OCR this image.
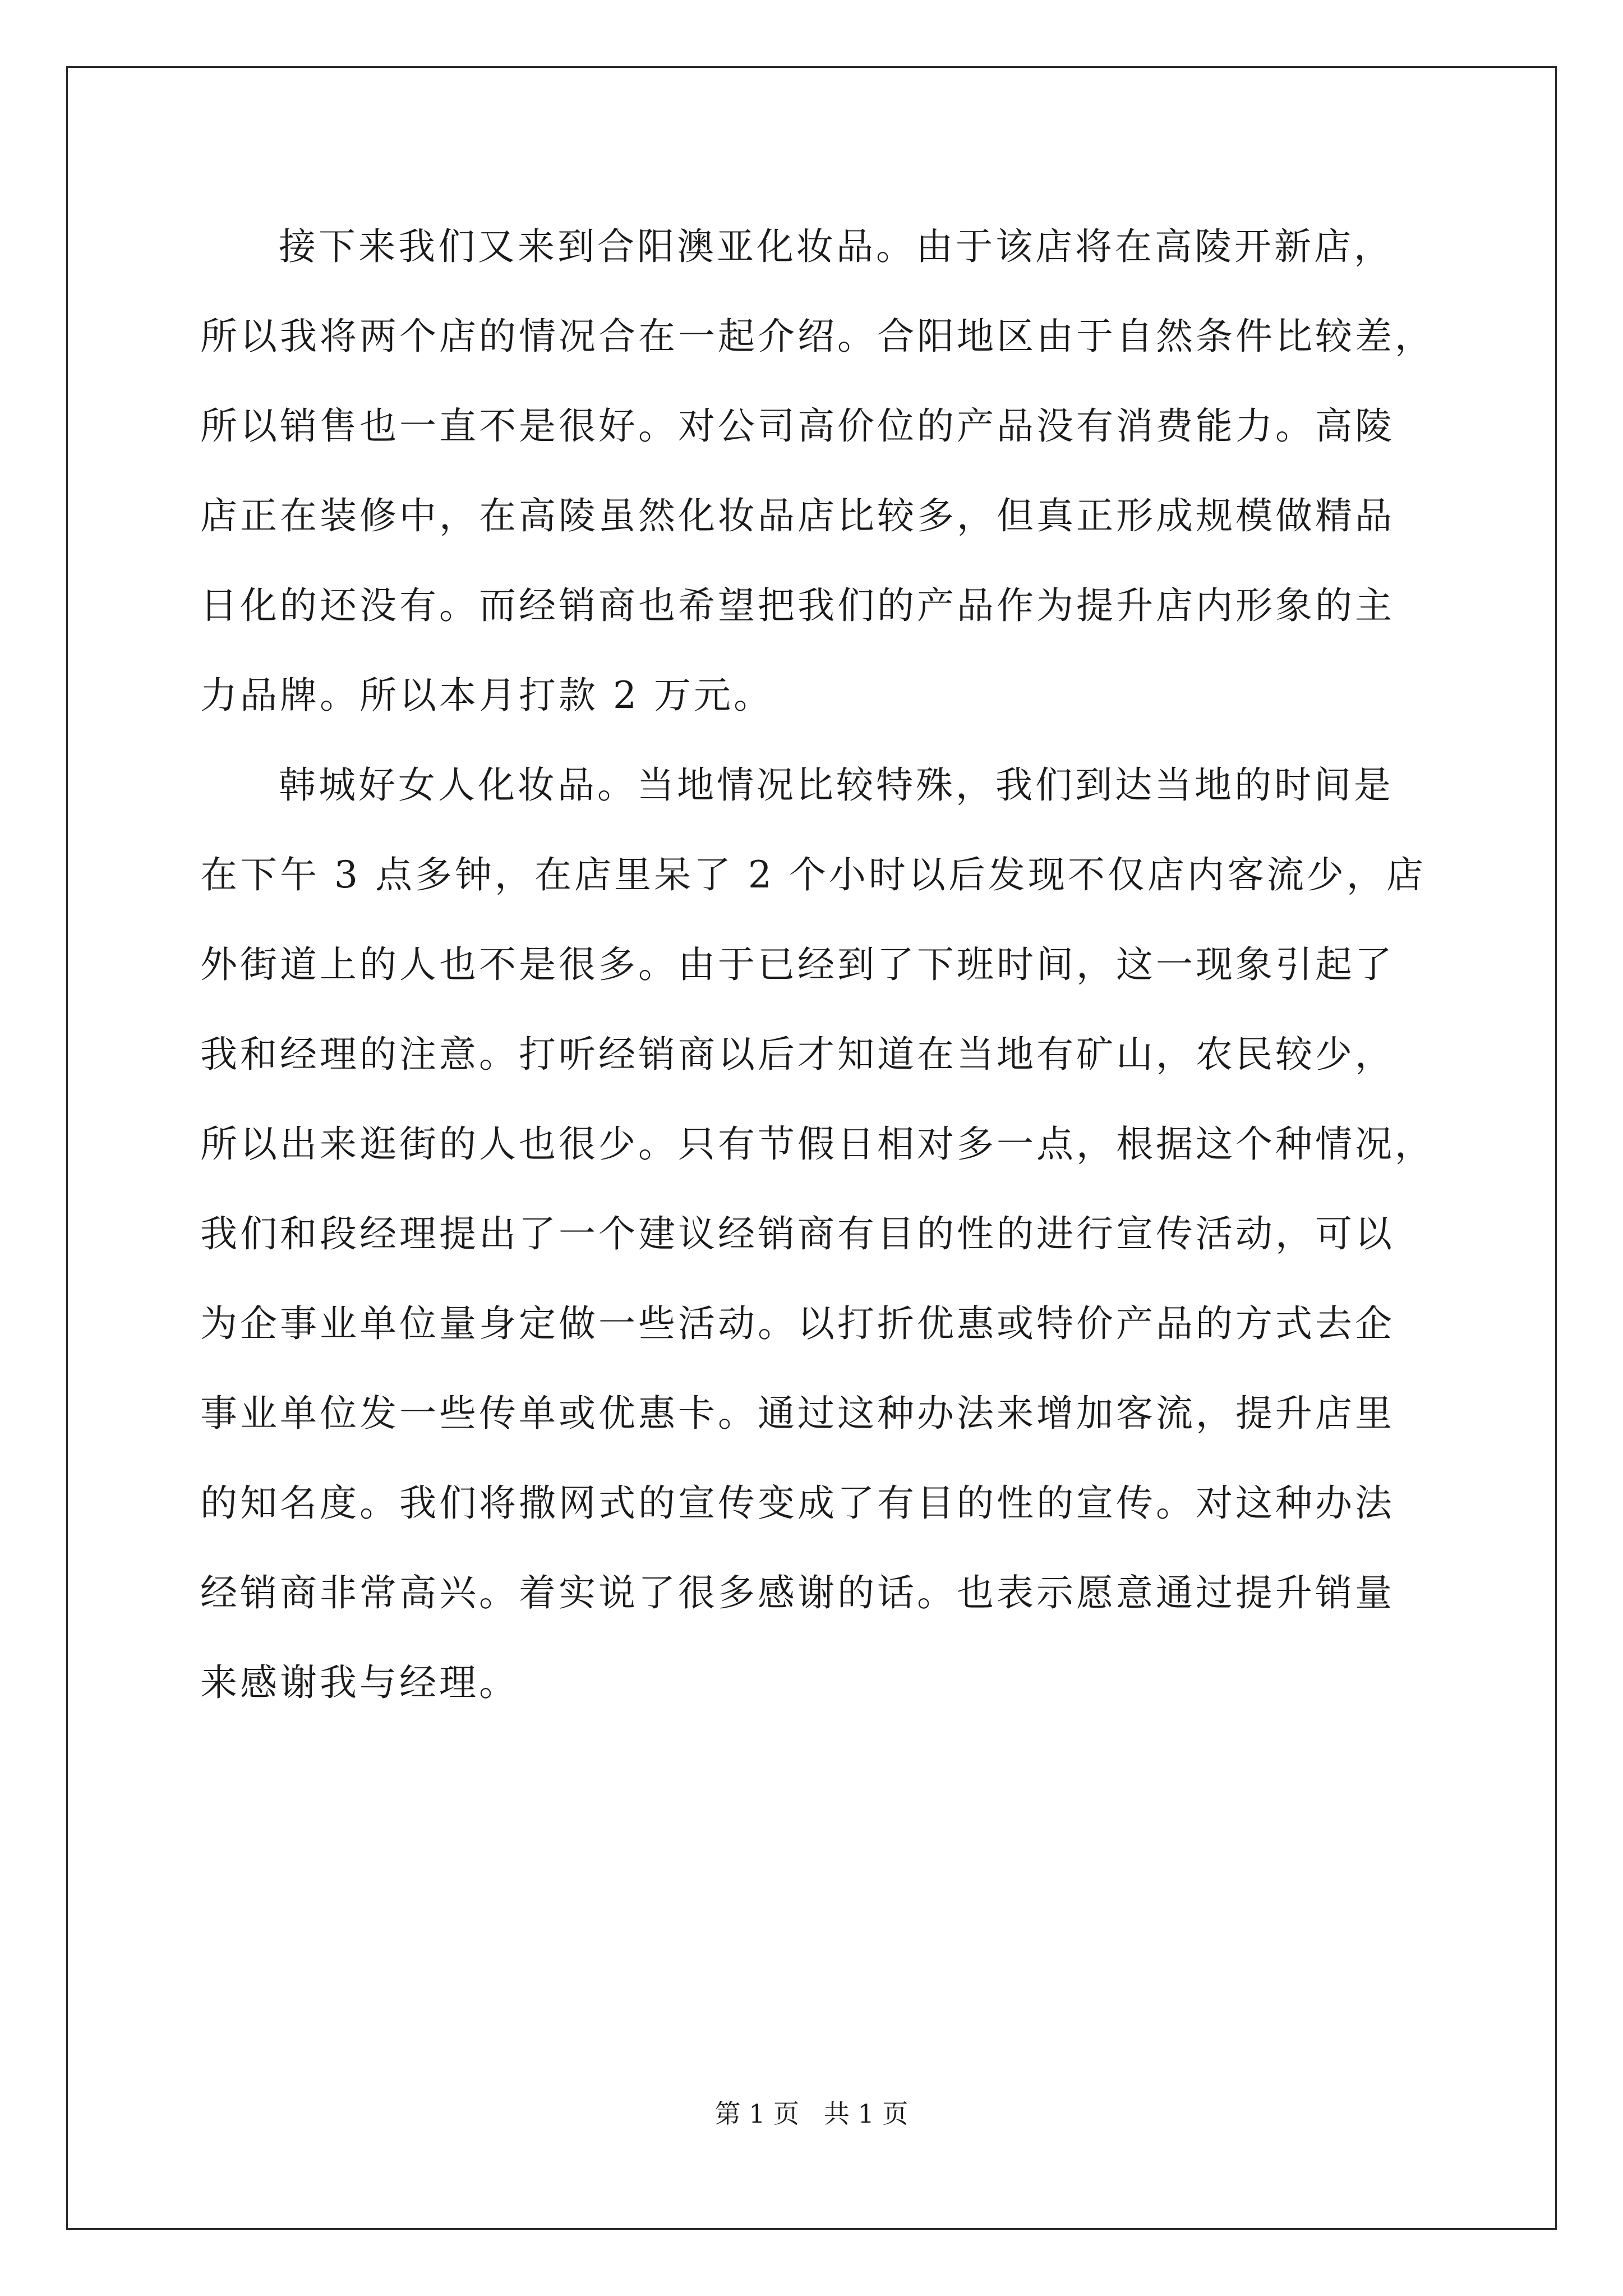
接下来我们又来到合阳澳亚化妆品。由于该店将在高陵开新店，
所以我将两个店的情况合在一起介绍。合阳地区由于自然条件比较差，
所以销售也一直不是很好。对公司高价位的产品没有消费能力。高陵
店正在装修中，在高陵虽然化妆品店比较多，但真正形成规模做精品
日化的还没有。而经销商也希望把我们的产品作为提升店内形象的主
力品牌。所以本月打款 2 万元。
韩城好女人化妆品。当地情况比较特殊，我们到达当地的时间是
在下午 3 点多钟，在店里呆了 2 个小时以后发现不仅店内客流少，店
外街道上的人也不是很多。由于已经到了下班时间，这一现象引起了
我和经理的注意。打听经销商以后才知道在当地有矿山，农民较少，
所以出来逛街的人也很少。只有节假日相对多一点，根据这个种情况，
我们和段经理提出了一个建议经销商有目的性的进行宣传活动，可以
为企事业单位量身定做一些活动。以打折优惠或特价产品的方式去企
事业单位发一些传单或优惠卡。通过这种办法来增加客流，提升店里
的知名度。我们将撒网式的宣传变成了有目的性的宣传。对这种办法
经销商非常高兴。着实说了很多感谢的话。也表示愿意通过提升销量
来感谢我与经理。
第 1 页   共 1 页
